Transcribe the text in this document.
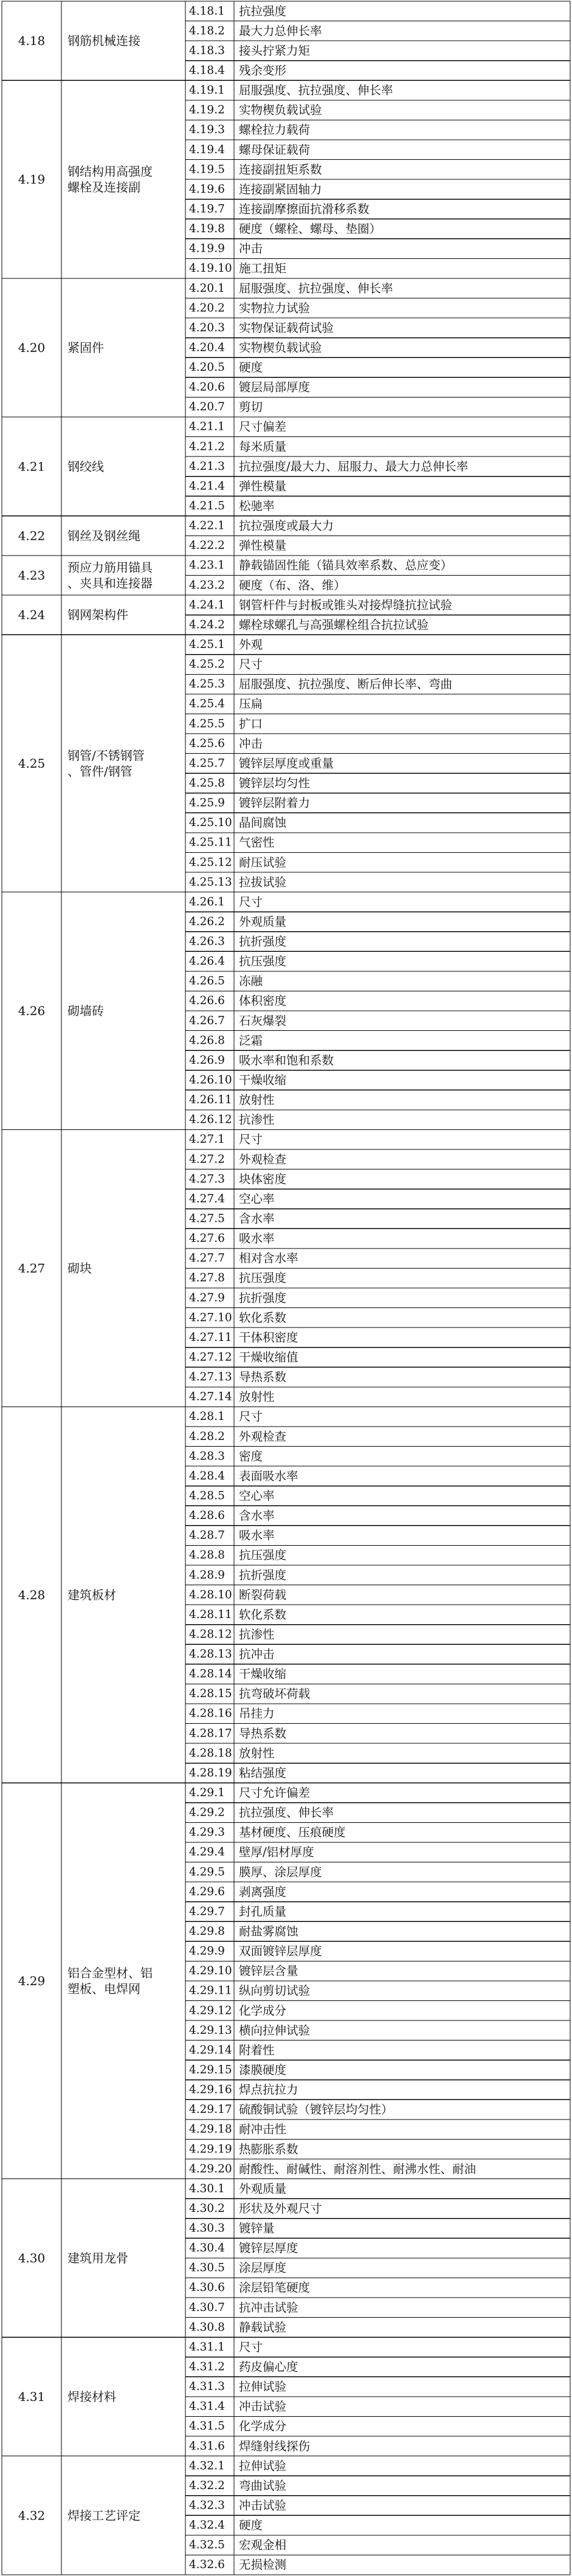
4.18 钢筋机械连接
4.18.1 抗拉强度
4.18.2 最大力总伸长率
4.18.3 接头拧紧力矩
4.18.4 残余变形
4.19
钢结构用高强度
螺栓及连接副
4.19.1 屈服强度、抗拉强度、伸长率
4.19.2 实物楔负载试验
4.19.3 螺栓拉力载荷
4.19.4 螺母保证载荷
4.19.5 连接副扭矩系数
4.19.6 连接副紧固轴力
4.19.7 连接副摩擦面抗滑移系数
4.19.8 硬度（螺栓、螺母、垫圈）
4.19.9 冲击
4.19.10 施工扭矩
4.20 紧固件
4.20.1 屈服强度、抗拉强度、伸长率
4.20.2 实物拉力试验
4.20.3 实物保证载荷试验
4.20.4 实物楔负载试验
4.20.5 硬度
4.20.6 镀层局部厚度
4.20.7 剪切
4.21 钢绞线
4.21.1 尺寸偏差
4.21.2 每米质量
4.21.3 抗拉强度/最大力、屈服力、最大力总伸长率
4.21.4 弹性模量
4.21.5 松驰率
4.22 钢丝及钢丝绳
4.22.1 抗拉强度或最大力
4.22.2 弹性模量
4.23
预应力筋用锚具
、夹具和连接器
4.23.1 静载锚固性能（锚具效率系数、总应变）
4.23.2 硬度（布、洛、维）
4.24 钢网架构件
4.24.1 钢管杆件与封板或锥头对接焊缝抗拉试验
4.24.2 螺栓球螺孔与高强螺栓组合抗拉试验
4.25
钢管/不锈钢管
、管件/钢管
4.25.1 外观
4.25.2 尺寸
4.25.3 屈服强度、抗拉强度、断后伸长率、弯曲
4.25.4 压扁
4.25.5 扩口
4.25.6 冲击
4.25.7 镀锌层厚度或重量
4.25.8 镀锌层均匀性
4.25.9 镀锌层附着力
4.25.10 晶间腐蚀
4.25.11 气密性
4.25.12 耐压试验
4.25.13 拉拔试验
4.26 砌墙砖
4.26.1 尺寸
4.26.2 外观质量
4.26.3 抗折强度
4.26.4 抗压强度
4.26.5 冻融
4.26.6 体积密度
4.26.7 石灰爆裂
4.26.8 泛霜
4.26.9 吸水率和饱和系数
4.26.10 干燥收缩
4.26.11 放射性
4.26.12 抗渗性
4.27 砌块
4.27.1 尺寸
4.27.2 外观检查
4.27.3 块体密度
4.27.4 空心率
4.27.5 含水率
4.27.6 吸水率
4.27.7 相对含水率
4.27.8 抗压强度
4.27.9 抗折强度
4.27.10 软化系数
4.27.11 干体积密度
4.27.12 干燥收缩值
4.27.13 导热系数
4.27.14 放射性
4.28 建筑板材
4.28.1 尺寸
4.28.2 外观检查
4.28.3 密度
4.28.4 表面吸水率
4.28.5 空心率
4.28.6 含水率
4.28.7 吸水率
4.28.8 抗压强度
4.28.9 抗折强度
4.28.10 断裂荷载
4.28.11 软化系数
4.28.12 抗渗性
4.28.13 抗冲击
4.28.14 干燥收缩
4.28.15 抗弯破坏荷载
4.28.16 吊挂力
4.28.17 导热系数
4.28.18 放射性
4.28.19 粘结强度
4.29
铝合金型材、铝
塑板、电焊网
4.29.1 尺寸允许偏差
4.29.2 抗拉强度、伸长率
4.29.3 基材硬度、压痕硬度
4.29.4 壁厚/铝材厚度
4.29.5 膜厚、涂层厚度
4.29.6 剥离强度
4.29.7 封孔质量
4.29.8 耐盐雾腐蚀
4.29.9 双面镀锌层厚度
4.29.10 镀锌层含量
4.29.11 纵向剪切试验
4.29.12 化学成分
4.29.13 横向拉伸试验
4.29.14 附着性
4.29.15 漆膜硬度
4.29.16 焊点抗拉力
4.29.17 硫酸铜试验（镀锌层均匀性）
4.29.18 耐冲击性
4.29.19 热膨胀系数
4.29.20 耐酸性、耐碱性、耐溶剂性、耐沸水性、耐油
4.30 建筑用龙骨
4.30.1 外观质量
4.30.2 形状及外观尺寸
4.30.3 镀锌量
4.30.4 镀锌层厚度
4.30.5 涂层厚度
4.30.6 涂层铅笔硬度
4.30.7 抗冲击试验
4.30.8 静载试验
4.31 焊接材料
4.31.1 尺寸
4.31.2 药皮偏心度
4.31.3 拉伸试验
4.31.4 冲击试验
4.31.5 化学成分
4.31.6 焊缝射线探伤
4.32 焊接工艺评定
4.32.1 拉伸试验
4.32.2 弯曲试验
4.32.3 冲击试验
4.32.4 硬度
4.32.5 宏观金相
4.32.6 无损检测
